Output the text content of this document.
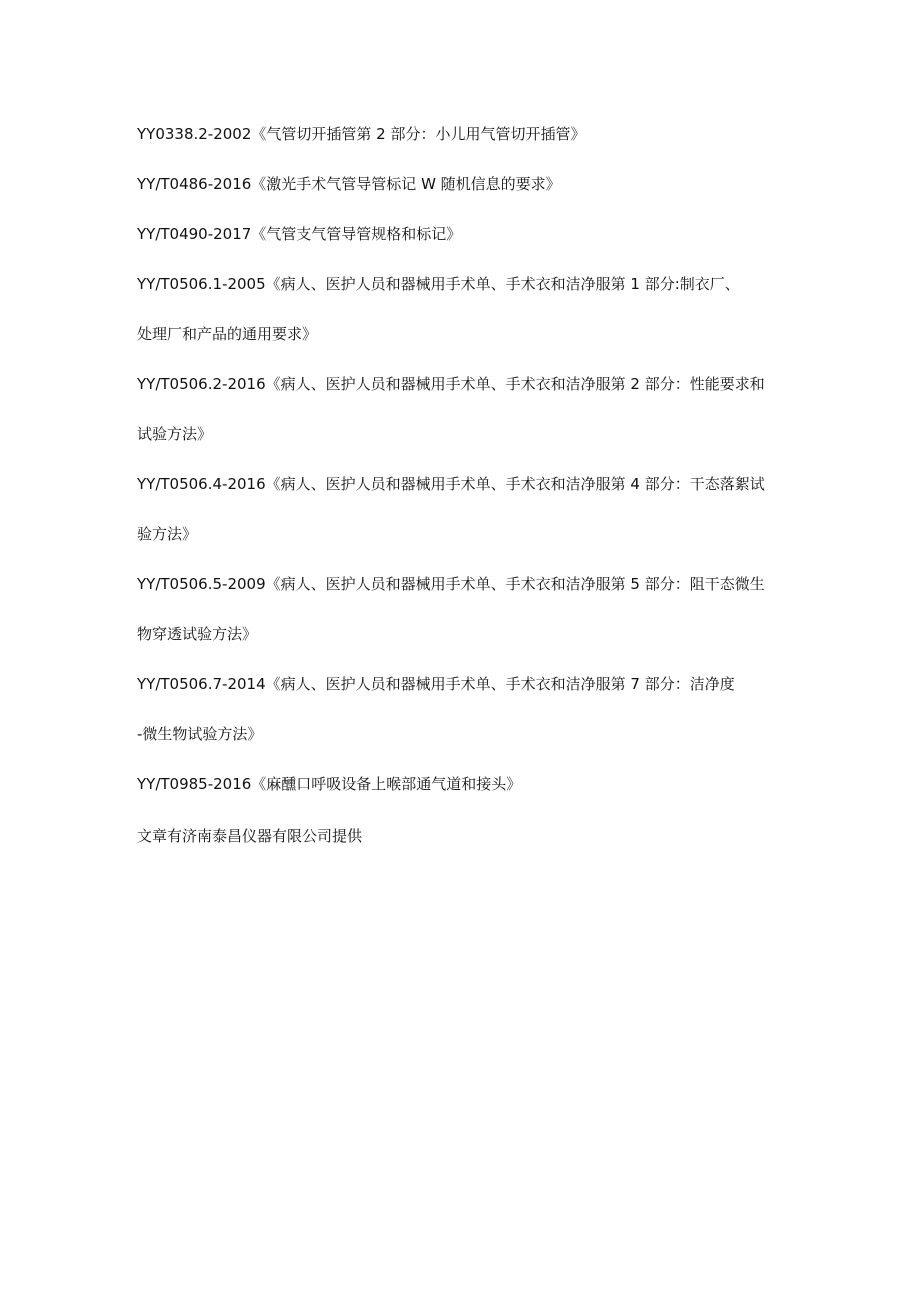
YY0338.2-2002《气管切开插管第 2 部分：小儿用气管切开插管》

YY/T0486-2016《激光手术气管导管标记 W 随机信息的要求》

YY/T0490-2017《气管支气管导管规格和标记》

YY/T0506.1-2005《病人、医护人员和器械用手术单、手术衣和洁净服第 1 部分:制衣厂、

处理厂和产品的通用要求》

YY/T0506.2-2016《病人、医护人员和器械用手术单、手术衣和洁净服第 2 部分：性能要求和

试验方法》

YY/T0506.4-2016《病人、医护人员和器械用手术单、手术衣和洁净服第 4 部分：干态落絮试

验方法》

YY/T0506.5-2009《病人、医护人员和器械用手术单、手术衣和洁净服第 5 部分：阻干态微生

物穿透试验方法》

YY/T0506.7-2014《病人、医护人员和器械用手术单、手术衣和洁净服第 7 部分：洁净度

-微生物试验方法》

YY/T0985-2016《麻醺口呼吸设备上喉部通气道和接头》

文章有济南泰昌仪器有限公司提供
